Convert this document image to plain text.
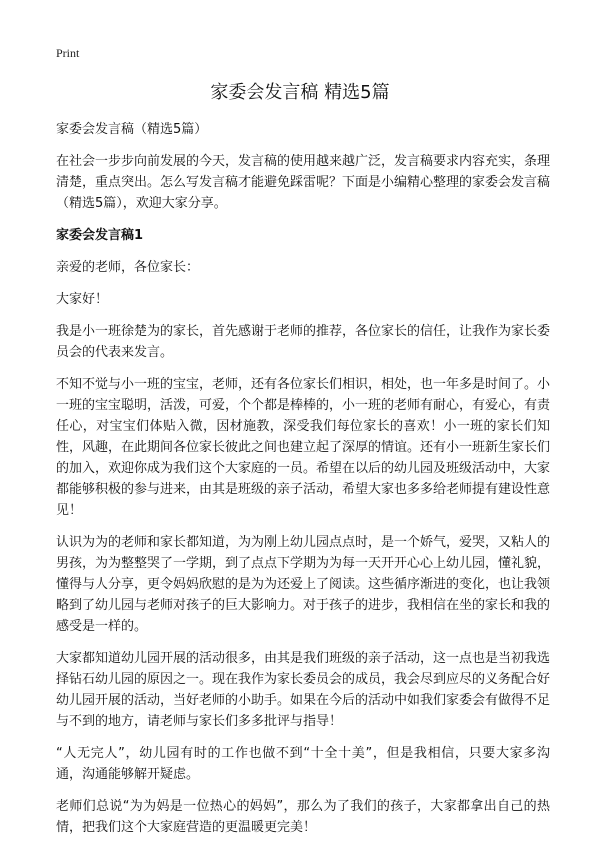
Print
家委会发言稿 精选5篇

家委会发言稿（精选5篇）

在社会一步步向前发展的今天，发言稿的使用越来越广泛，发言稿要求内容充实，条理清楚，重点突出。怎么写发言稿才能避免踩雷呢？下面是小编精心整理的家委会发言稿（精选5篇），欢迎大家分享。

家委会发言稿1

亲爱的老师，各位家长：

大家好！

我是小一班徐楚为的家长，首先感谢于老师的推荐，各位家长的信任，让我作为家长委员会的代表来发言。

不知不觉与小一班的宝宝，老师，还有各位家长们相识，相处，也一年多是时间了。小一班的宝宝聪明，活泼，可爱，个个都是棒棒的，小一班的老师有耐心，有爱心，有责任心，对宝宝们体贴入微，因材施教，深受我们每位家长的喜欢！小一班的家长们知性，风趣，在此期间各位家长彼此之间也建立起了深厚的情谊。还有小一班新生家长们的加入，欢迎你成为我们这个大家庭的一员。希望在以后的幼儿园及班级活动中，大家都能够积极的参与进来，由其是班级的亲子活动，希望大家也多多给老师提有建设性意见！

认识为为的老师和家长都知道，为为刚上幼儿园点点时，是一个娇气，爱哭，又粘人的男孩，为为整整哭了一学期，到了点点下学期为为每一天开开心心上幼儿园，懂礼貌，懂得与人分享，更令妈妈欣慰的是为为还爱上了阅读。这些循序渐进的变化，也让我领略到了幼儿园与老师对孩子的巨大影响力。对于孩子的进步，我相信在坐的家长和我的感受是一样的。

大家都知道幼儿园开展的活动很多，由其是我们班级的亲子活动，这一点也是当初我选择钻石幼儿园的原因之一。现在我作为家长委员会的成员，我会尽到应尽的义务配合好幼儿园开展的活动，当好老师的小助手。如果在今后的活动中如我们家委会有做得不足与不到的地方，请老师与家长们多多批评与指导！

“人无完人”，幼儿园有时的工作也做不到“十全十美”，但是我相信，只要大家多沟通，沟通能够解开疑虑。

老师们总说“为为妈是一位热心的妈妈”，那么为了我们的孩子，大家都拿出自己的热情，把我们这个大家庭营造的更温暖更完美！
